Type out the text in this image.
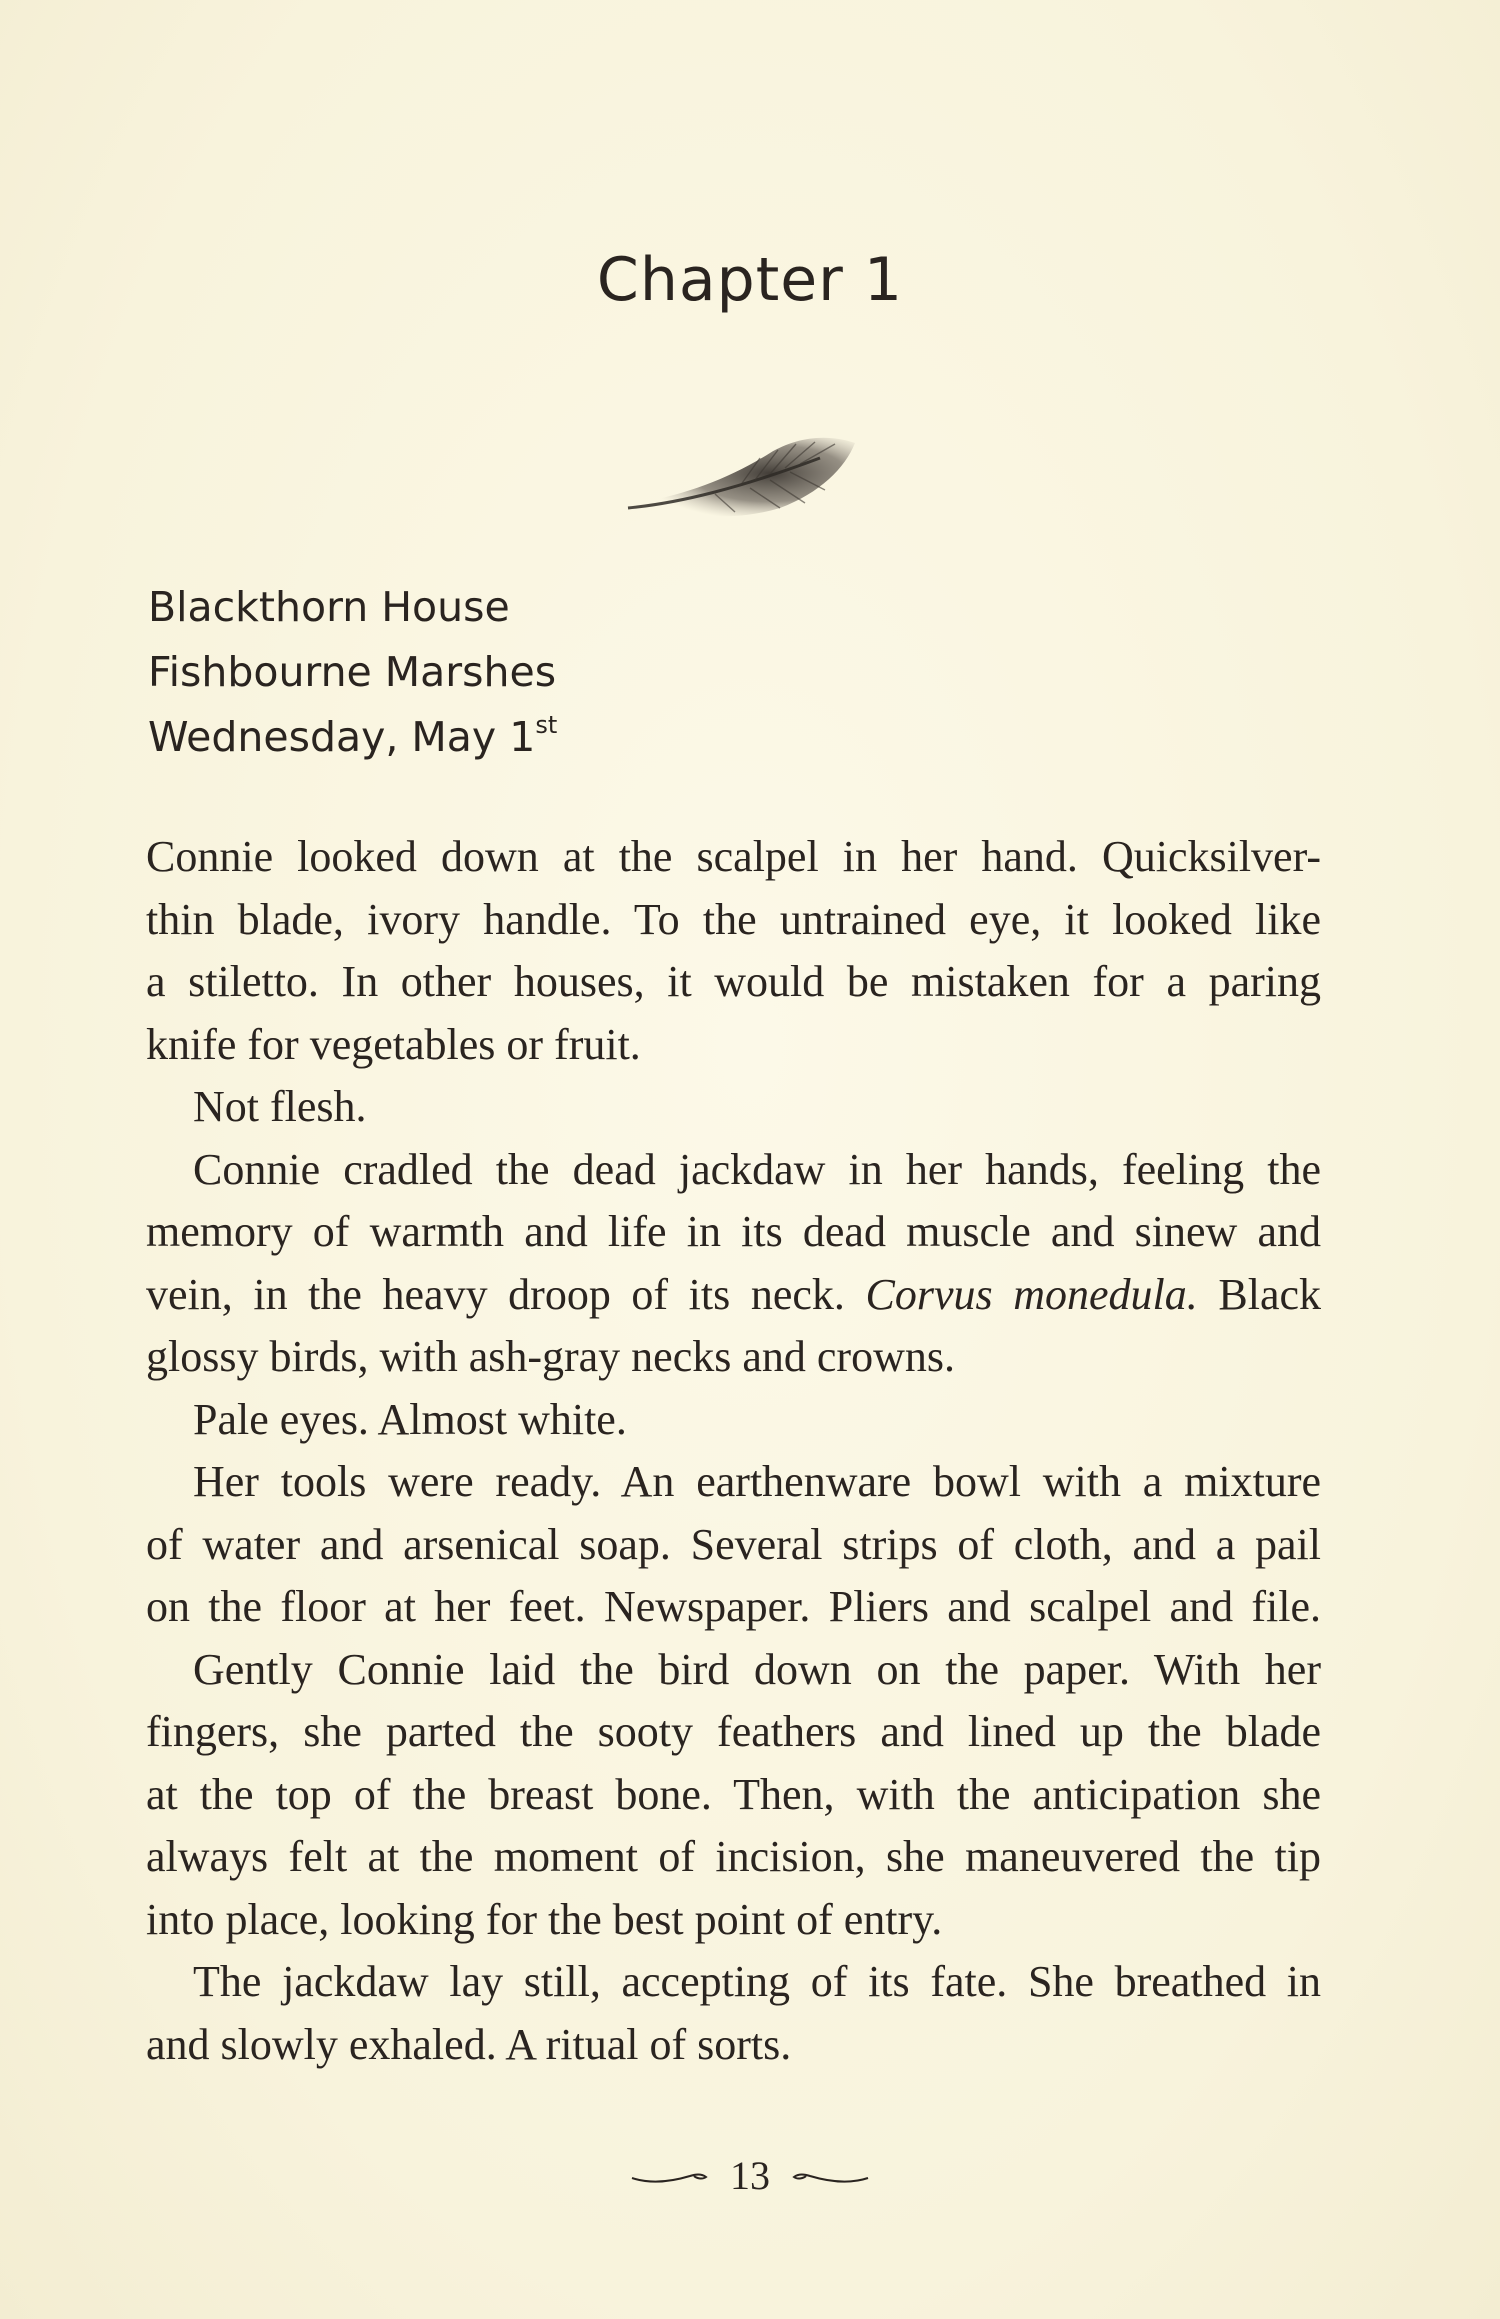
Chapter 1
Blackthorn House
Fishbourne Marshes
Wednesday, May 1st
Connie looked down at the scalpel in her hand. Quicksilver-
thin blade, ivory handle. To the untrained eye, it looked like
a stiletto. In other houses, it would be mistaken for a paring
knife for vegetables or fruit.
Not flesh.
Connie cradled the dead jackdaw in her hands, feeling the
memory of warmth and life in its dead muscle and sinew and
vein, in the heavy droop of its neck. Corvus monedula. Black
glossy birds, with ash-gray necks and crowns.
Pale eyes. Almost white.
Her tools were ready. An earthenware bowl with a mixture
of water and arsenical soap. Several strips of cloth, and a pail
on the floor at her feet. Newspaper. Pliers and scalpel and file.
Gently Connie laid the bird down on the paper. With her
fingers, she parted the sooty feathers and lined up the blade
at the top of the breast bone. Then, with the anticipation she
always felt at the moment of incision, she maneuvered the tip
into place, looking for the best point of entry.
The jackdaw lay still, accepting of its fate. She breathed in
and slowly exhaled. A ritual of sorts.
13
